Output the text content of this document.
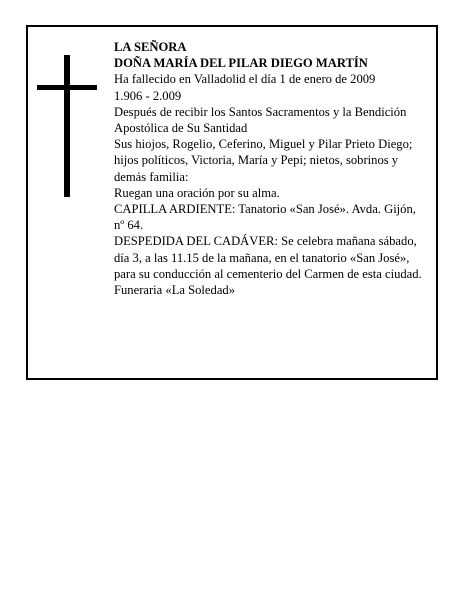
LA SEÑORA

DOÑA MARÍA DEL PILAR DIEGO MARTÍN

Ha fallecido en Valladolid el día 1 de enero de 2009

1.906 - 2.009

Después de recibir los Santos Sacramentos y la Bendición Apostólica de Su Santidad

Sus hiojos, Rogelio, Ceferino, Miguel y Pilar Prieto Diego; hijos políticos, Victoria, María y Pepi; nietos, sobrinos y demás familia:

Ruegan una oración por su alma.

CAPILLA ARDIENTE: Tanatorio «San José». Avda. Gijón, nº 64.

DESPEDIDA DEL CADÁVER: Se celebra mañana sábado, día 3, a las 11.15 de la mañana, en el tanatorio «San José», para su conducción al cementerio del Carmen de esta ciudad.

Funeraria «La Soledad»
